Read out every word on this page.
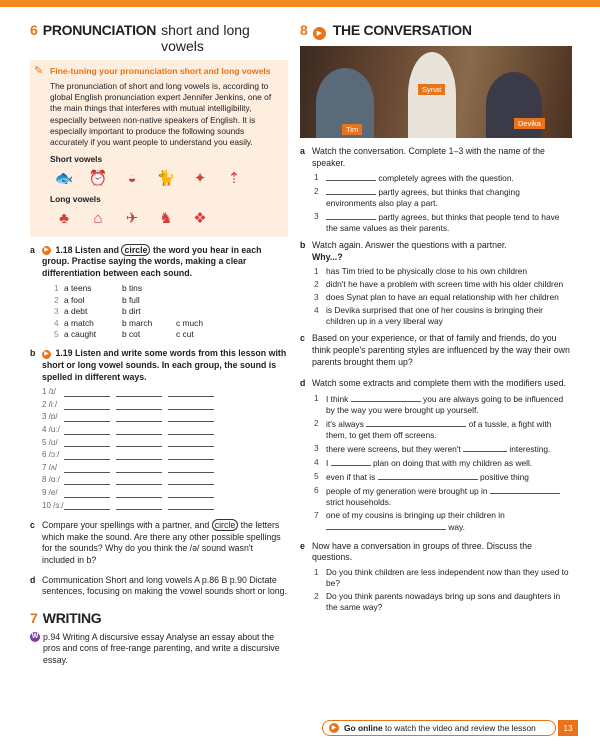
6 PRONUNCIATION short and long vowels
✎ Fine-tuning your pronunciation short and long vowels

The pronunciation of short and long vowels is, according to global English pronunciation expert Jennifer Jenkins, one of the main things that interferes with mutual intelligibility, especially between non-native speakers of English. It is especially important to produce the following sounds accurately if you want people to understand you easily.

Short vowels
🐟 ⏰	◒	🐈 ✦ ⇡
Long vowels
♣	⌂	✈ ♞ ❖
a	▶ 1.18 Listen and circle the word you hear in each group. Practise saying the words, making a clear differentiation between each sound.
1 a teens	b tins
2 a fool	b full
3 a debt	b dirt
4 a match	b march	c much
5 a caught	b cot	c cut
b	▶ 1.19 Listen and write some words from this lesson with short or long vowel sounds. In each group, the sound is spelled in different ways.
1 /ɪ/
2 /iː/
3 /ɒ/
4 /uː/
5 /ʊ/
6 /ɔː/
7 /ʌ/
8 /ɑː/
9 /e/
10 /ɜː/
c Compare your spellings with a partner, and circle the letters which make the sound. Are there any other possible spellings for the sounds? Why do you think the /ə/ sound wasn't included in b?
d Communication Short and long vowels A p.86 B p.90 Dictate sentences, focusing on making the vowel sounds short or long.
7 WRITING
W p.94 Writing A discursive essay Analyse an essay about the pros and cons of free-range parenting, and write a discursive essay.
8	▶ THE CONVERSATION
Tim
Synat
Devika
a Watch the conversation. Complete 1–3 with the name of the speaker.
1	completely agrees with the question.
2	partly agrees, but thinks that changing environments also play a part.
3	partly agrees, but thinks that people tend to have the same values as their parents.
b Watch again. Answer the questions with a partner.
Why...?
1 has Tim tried to be physically close to his own children
2 didn't he have a problem with screen time with his older children
3 does Synat plan to have an equal relationship with her children
4 is Devika surprised that one of her cousins is bringing their children up in a very liberal way
c Based on your experience, or that of family and friends, do you think people's parenting styles are influenced by the way their own parents brought them up?
d Watch some extracts and complete them with the modifiers used.
1 I think	you are always going to be influenced by the way you were brought up yourself.
2 it's always	of a tussle, a fight with them, to get them off screens.
3 there were screens, but they weren't	interesting.
4 I	plan on doing that with my children as well.
5 even if that is	positive thing
6 people of my generation were brought up in  strict households.
7 one of my cousins is bringing up their children in  way.
e Now have a conversation in groups of three. Discuss the questions.
1 Do you think children are less independent now than they used to be?
2 Do you think parents nowadays bring up sons and daughters in the same way?
▶ Go online
to watch the video and review the lesson	13
